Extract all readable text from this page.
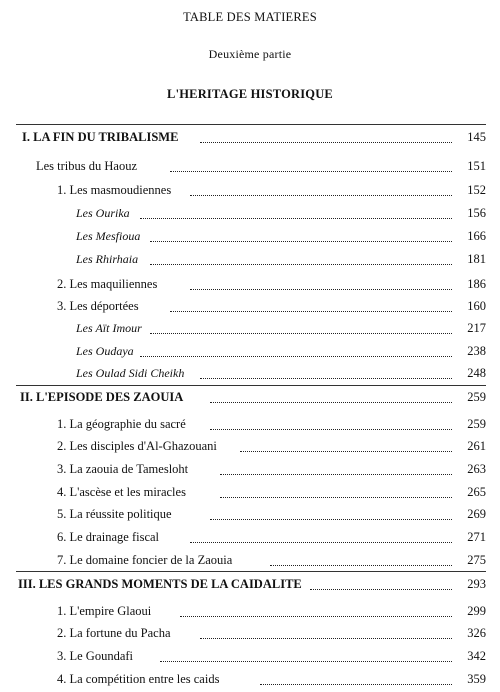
TABLE DES MATIERES
Deuxième partie
L'HERITAGE HISTORIQUE
I. LA FIN DU TRIBALISME	145
Les tribus du Haouz	151
1. Les masmoudiennes	152
Les Ourika	156
Les Mesfioua	166
Les Rhirhaia	181
2. Les maquiliennes	186
3. Les déportées	160
Les Aït Imour	217
Les Oudaya	238
Les Oulad Sidi Cheikh	248
II. L'EPISODE DES ZAOUIA	259
1. La géographie du sacré	259
2. Les disciples d'Al-Ghazouani	261
3. La zaouia de Tamesloht	263
4. L'ascèse et les miracles	265
5. La réussite politique	269
6. Le drainage fiscal	271
7. Le domaine foncier de la Zaouia	275
III. LES GRANDS MOMENTS DE LA CAIDALITE	293
1. L'empire Glaoui	299
2. La fortune du Pacha	326
3. Le Goundafi	342
4. La compétition entre les caids	359
